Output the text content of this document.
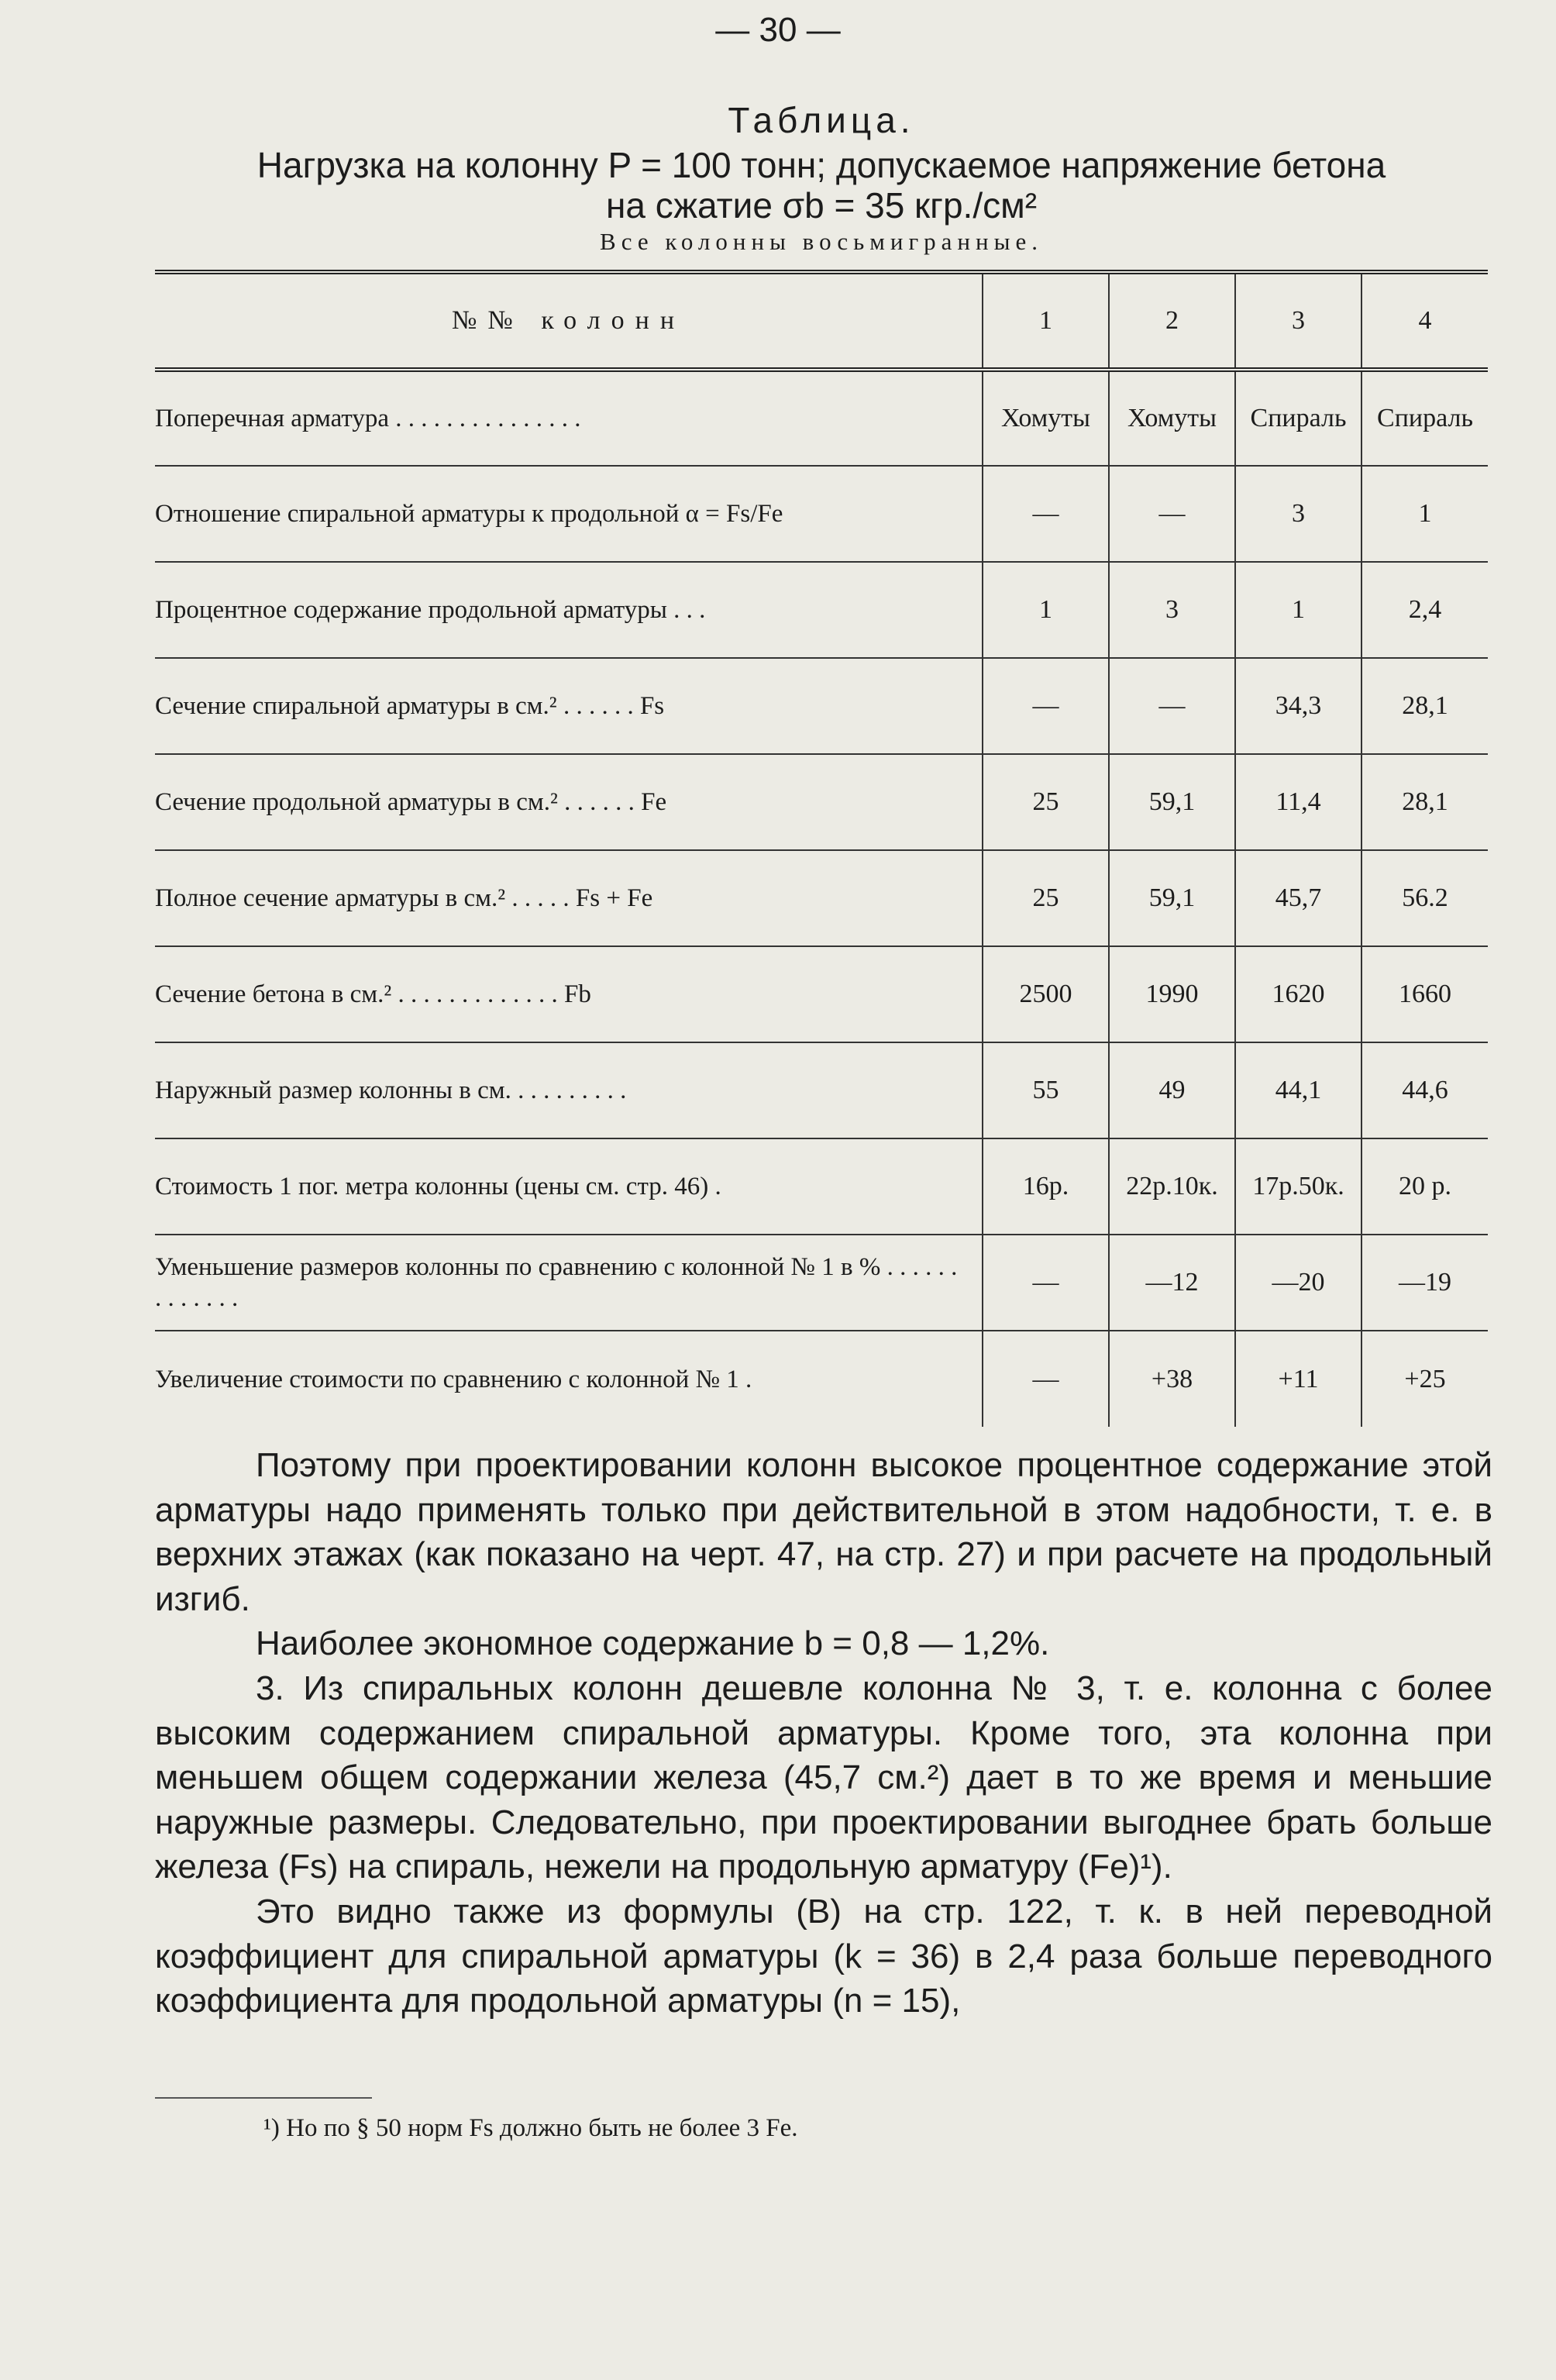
— 30 —
Таблица.
Нагрузка на колонну P = 100 тонн; допускаемое напряжение бетона
на сжатие σb = 35 кгр./см²
Все колонны восьмигранные.
№№ колонн	1	2	3	4
Поперечная арматура . . . . . . . . . . . . . . .	Хомуты	Хомуты	Спираль	Спираль
Отношение спиральной арматуры к продольной α = Fs/Fe	—	—	3	1
Процентное содержание продольной арматуры . . .	1	3	1	2,4
Сечение спиральной арматуры в см.² . . . . . . Fs	—	—	34,3	28,1
Сечение продольной арматуры в см.² . . . . . . Fe	25	59,1	11,4	28,1
Полное сечение арматуры в см.² . . . . . Fs + Fe	25	59,1	45,7	56.2
Сечение бетона в см.² . . . . . . . . . . . . . Fb	2500	1990	1620	1660
Наружный размер колонны в см. . . . . . . . . .	55	49	44,1	44,6
Стоимость 1 пог. метра колонны (цены см. стр. 46) .	16р.	22р.10к.	17р.50к.	20 р.
Уменьшение размеров колонны по сравнению с колонной № 1 в % . . . . . . . . . . . . .	—	—12	—20	—19
Увеличение стоимости по сравнению с колонной № 1 .	—	+38	+11	+25

Поэтому при проектировании колонн высокое процентное содержание этой арматуры надо применять только при действительной в этом надобности, т. е. в верхних этажах (как показано на черт. 47, на стр. 27) и при расчете на продольный изгиб.

Наиболее экономное содержание b = 0,8 — 1,2%.

3. Из спиральных колонн дешевле колонна № 3, т. е. колонна с более высоким содержанием спиральной арматуры. Кроме того, эта колонна при меньшем общем содержании железа (45,7 см.²) дает в то же время и меньшие наружные размеры. Следовательно, при проектировании выгоднее брать больше железа (Fs) на спираль, нежели на продольную арматуру (Fe)¹).

Это видно также из формулы (B) на стр. 122, т. к. в ней переводной коэффициент для спиральной арматуры (k = 36) в 2,4 раза больше переводного коэффициента для продольной арматуры (n = 15),

¹) Но по § 50 норм Fs должно быть не более 3 Fe.
